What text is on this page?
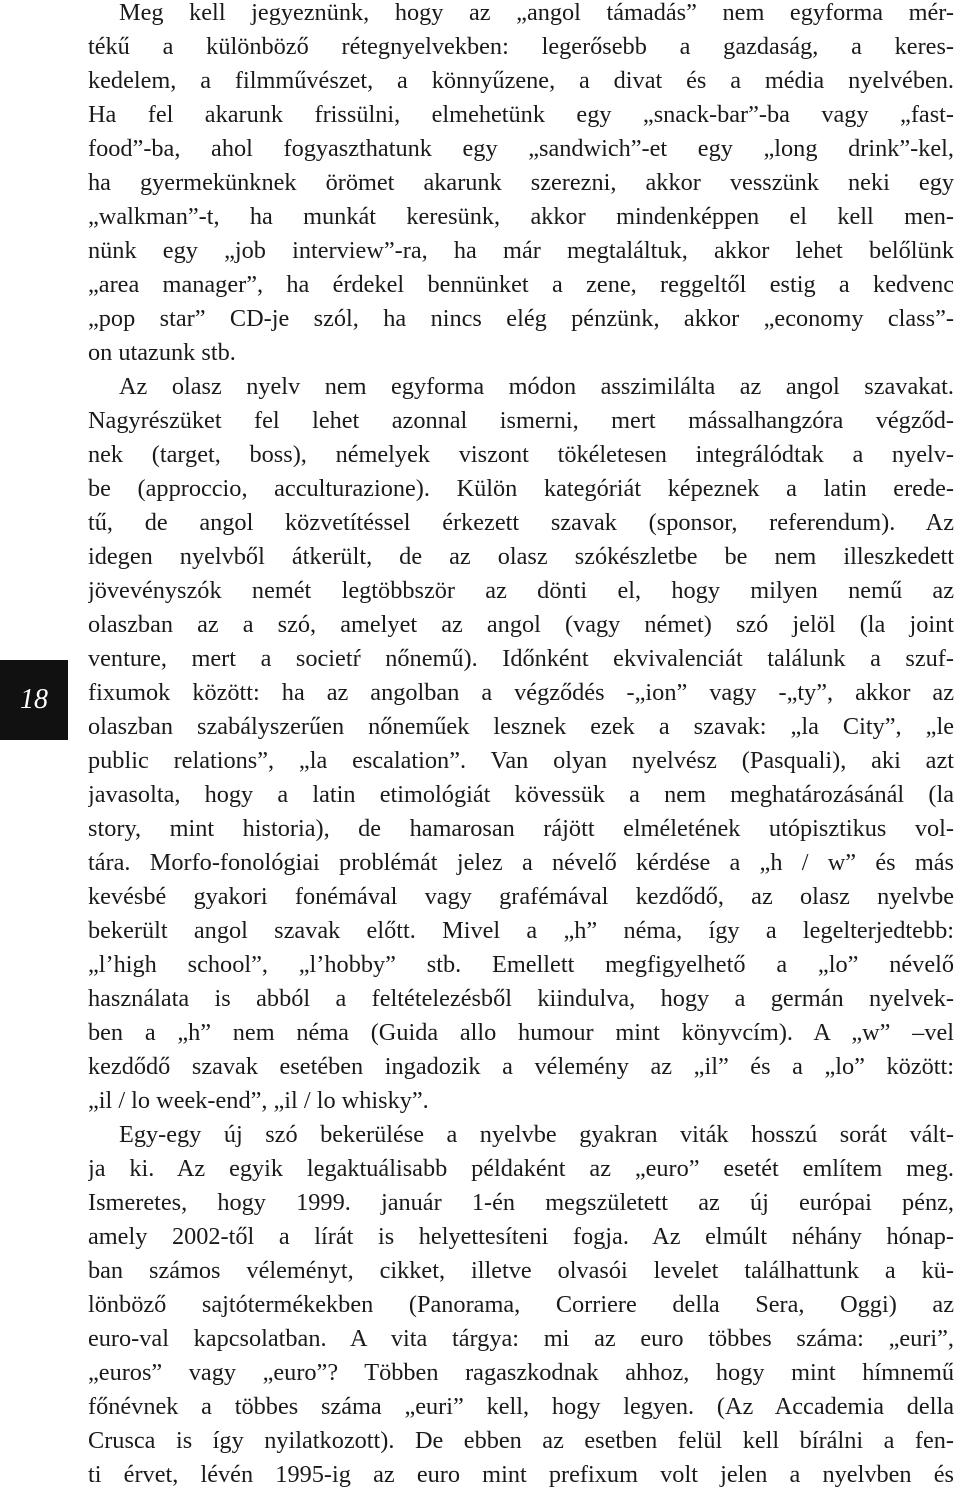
18
Meg kell jegyeznünk, hogy az „angol támadás” nem egyforma mér-
tékű a különböző rétegnyelvekben: legerősebb a gazdaság, a keres-
kedelem, a filmművészet, a könnyűzene, a divat és a média nyelvében.
Ha fel akarunk frissülni, elmehetünk egy „snack-bar”-ba vagy „fast-
food”-ba, ahol fogyaszthatunk egy „sandwich”-et egy „long drink”-kel,
ha gyermekünknek örömet akarunk szerezni, akkor vesszünk neki egy
„walkman”-t, ha munkát keresünk, akkor mindenképpen el kell men-
nünk egy „job interview”-ra, ha már megtaláltuk, akkor lehet belőlünk
„area manager”, ha érdekel bennünket a zene, reggeltől estig a kedvenc
„pop star” CD-je szól, ha nincs elég pénzünk, akkor „economy class”-
on utazunk stb.
Az olasz nyelv nem egyforma módon asszimilálta az angol szavakat.
Nagyrészüket fel lehet azonnal ismerni, mert mássalhangzóra végződ-
nek (target, boss), némelyek viszont tökéletesen integrálódtak a nyelv-
be (approccio, acculturazione). Külön kategóriát képeznek a latin erede-
tű, de angol közvetítéssel érkezett szavak (sponsor, referendum). Az
idegen nyelvből átkerült, de az olasz szókészletbe be nem illeszkedett
jövevényszók nemét legtöbbször az dönti el, hogy milyen nemű az
olaszban az a szó, amelyet az angol (vagy német) szó jelöl (la joint
venture, mert a societŕ nőnemű). Időnként ekvivalenciát találunk a szuf-
fixumok között: ha az angolban a végződés -„ion” vagy -„ty”, akkor az
olaszban szabályszerűen nőneműek lesznek ezek a szavak: „la City”, „le
public relations”, „la escalation”. Van olyan nyelvész (Pasquali), aki azt
javasolta, hogy a latin etimológiát kövessük a nem meghatározásánál (la
story, mint historia), de hamarosan rájött elméletének utópisztikus vol-
tára. Morfo-fonológiai problémát jelez a névelő kérdése a „h / w” és más
kevésbé gyakori fonémával vagy grafémával kezdődő, az olasz nyelvbe
bekerült angol szavak előtt. Mivel a „h” néma, így a legelterjedtebb:
„l’high school”, „l’hobby” stb. Emellett megfigyelhető a „lo” névelő
használata is abból a feltételezésből kiindulva, hogy a germán nyelvek-
ben a „h” nem néma (Guida allo humour mint könyvcím). A „w” –vel
kezdődő szavak esetében ingadozik a vélemény az „il” és a „lo” között:
„il / lo week-end”, „il / lo whisky”.
Egy-egy új szó bekerülése a nyelvbe gyakran viták hosszú sorát vált-
ja ki. Az egyik legaktuálisabb példaként az „euro” esetét említem meg.
Ismeretes, hogy 1999. január 1-én megszületett az új európai pénz,
amely 2002-től a lírát is helyettesíteni fogja. Az elmúlt néhány hónap-
ban számos véleményt, cikket, illetve olvasói levelet találhattunk a kü-
lönböző sajtótermékekben (Panorama, Corriere della Sera, Oggi) az
euro-val kapcsolatban. A vita tárgya: mi az euro többes száma: „euri”,
„euros” vagy „euro”? Többen ragaszkodnak ahhoz, hogy mint hímnemű
főnévnek a többes száma „euri” kell, hogy legyen. (Az Accademia della
Crusca is így nyilatkozott). De ebben az esetben felül kell bírálni a fen-
ti érvet, lévén 1995-ig az euro mint prefixum volt jelen a nyelvben és
